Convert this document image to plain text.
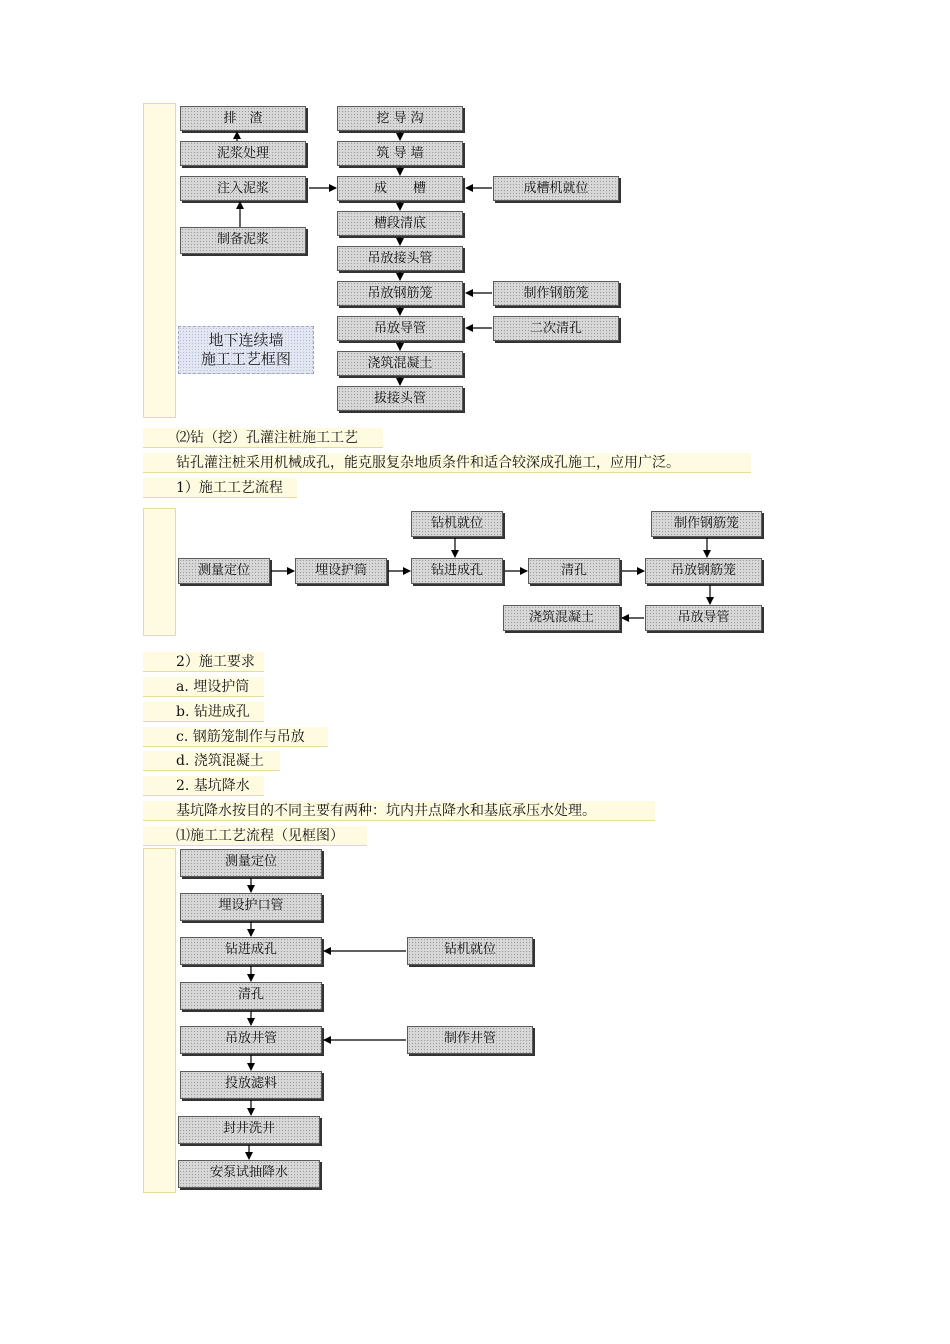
排　渣
泥浆处理
注入泥浆
制备泥浆
挖 导 沟
筑 导 墙
成　　槽
槽段清底
吊放接头管
吊放钢筋笼
吊放导管
浇筑混凝土
拔接头管
成槽机就位
制作钢筋笼
二次清孔
地下连续墙
施工工艺框图
⑵钻（挖）孔灌注桩施工工艺
钻孔灌注桩采用机械成孔，能克服复杂地质条件和适合较深成孔施工，应用广泛。
1）施工工艺流程
测量定位	埋设护筒	钻进成孔	清孔	吊放钢筋笼
钻机就位	制作钢筋笼
浇筑混凝土	吊放导管
2）施工要求
a. 埋设护筒
b. 钻进成孔
c. 钢筋笼制作与吊放
d. 浇筑混凝土
2. 基坑降水
基坑降水按目的不同主要有两种：坑内井点降水和基底承压水处理。
⑴施工工艺流程（见框图）
测量定位
埋设护口管
钻进成孔
清孔
吊放井管
投放滤料
封井洗井
安泵试抽降水
钻机就位
制作井管
